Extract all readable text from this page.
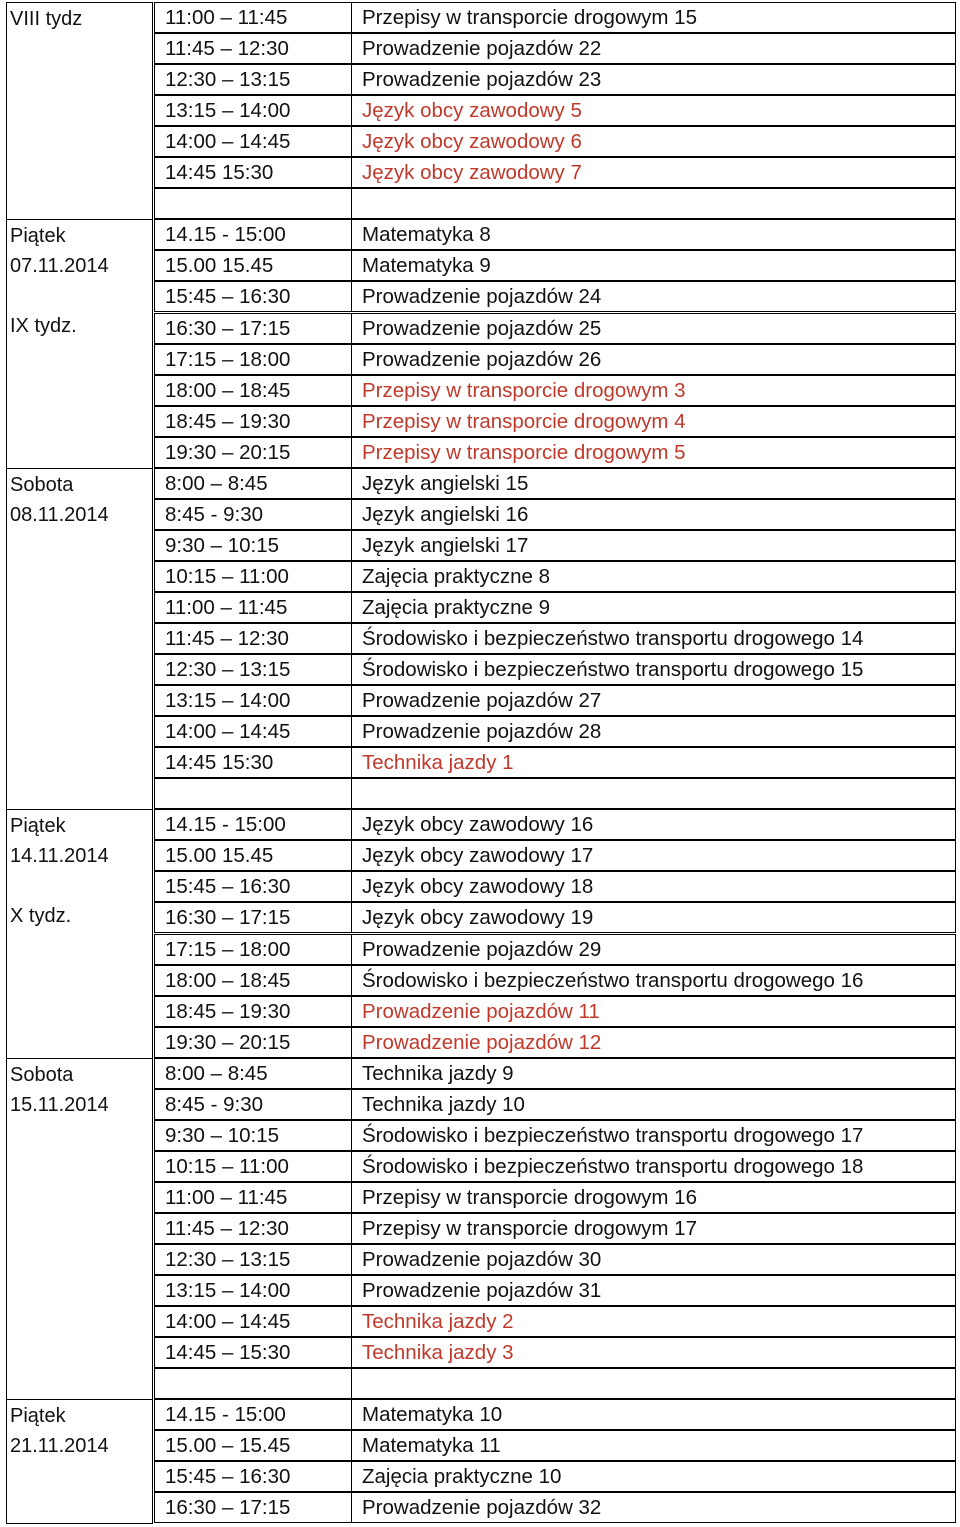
VIII tydz	11:00 – 11:45	Przepisy w transporcie drogowym 15
11:45 – 12:30	Prowadzenie pojazdów 22
12:30 – 13:15	Prowadzenie pojazdów 23
13:15 – 14:00	Język obcy zawodowy 5
14:00 – 14:45	Język obcy zawodowy 6
14:45 15:30	Język obcy zawodowy 7
Piątek
07.11.2014
IX tydz.
14.15 - 15:00	Matematyka 8
15.00 15.45	Matematyka 9
15:45 – 16:30	Prowadzenie pojazdów 24
16:30 – 17:15	Prowadzenie pojazdów 25
17:15 – 18:00	Prowadzenie pojazdów 26
18:00 – 18:45	Przepisy w transporcie drogowym 3
18:45 – 19:30	Przepisy w transporcie drogowym 4
19:30 – 20:15	Przepisy w transporcie drogowym 5
Sobota
08.11.2014
8:00 – 8:45	Język angielski 15
8:45 - 9:30	Język angielski 16
9:30 – 10:15	Język angielski 17
10:15 – 11:00	Zajęcia praktyczne 8
11:00 – 11:45	Zajęcia praktyczne 9
11:45 – 12:30	Środowisko i bezpieczeństwo transportu drogowego 14
12:30 – 13:15	Środowisko i bezpieczeństwo transportu drogowego 15
13:15 – 14:00	Prowadzenie pojazdów 27
14:00 – 14:45	Prowadzenie pojazdów 28
14:45 15:30	Technika jazdy 1
Piątek
14.11.2014
X tydz.
14.15 - 15:00	Język obcy zawodowy 16
15.00 15.45	Język obcy zawodowy 17
15:45 – 16:30	Język obcy zawodowy 18
16:30 – 17:15	Język obcy zawodowy 19
17:15 – 18:00	Prowadzenie pojazdów 29
18:00 – 18:45	Środowisko i bezpieczeństwo transportu drogowego 16
18:45 – 19:30	Prowadzenie pojazdów 11
19:30 – 20:15	Prowadzenie pojazdów 12
Sobota
15.11.2014
8:00 – 8:45	Technika jazdy 9
8:45 - 9:30	Technika jazdy 10
9:30 – 10:15	Środowisko i bezpieczeństwo transportu drogowego 17
10:15 – 11:00	Środowisko i bezpieczeństwo transportu drogowego 18
11:00 – 11:45	Przepisy w transporcie drogowym 16
11:45 – 12:30	Przepisy w transporcie drogowym 17
12:30 – 13:15	Prowadzenie pojazdów 30
13:15 – 14:00	Prowadzenie pojazdów 31
14:00 – 14:45	Technika jazdy 2
14:45 – 15:30	Technika jazdy 3
Piątek
21.11.2014
14.15 - 15:00	Matematyka 10
15.00 – 15.45	Matematyka 11
15:45 – 16:30	Zajęcia praktyczne 10
16:30 – 17:15	Prowadzenie pojazdów 32
